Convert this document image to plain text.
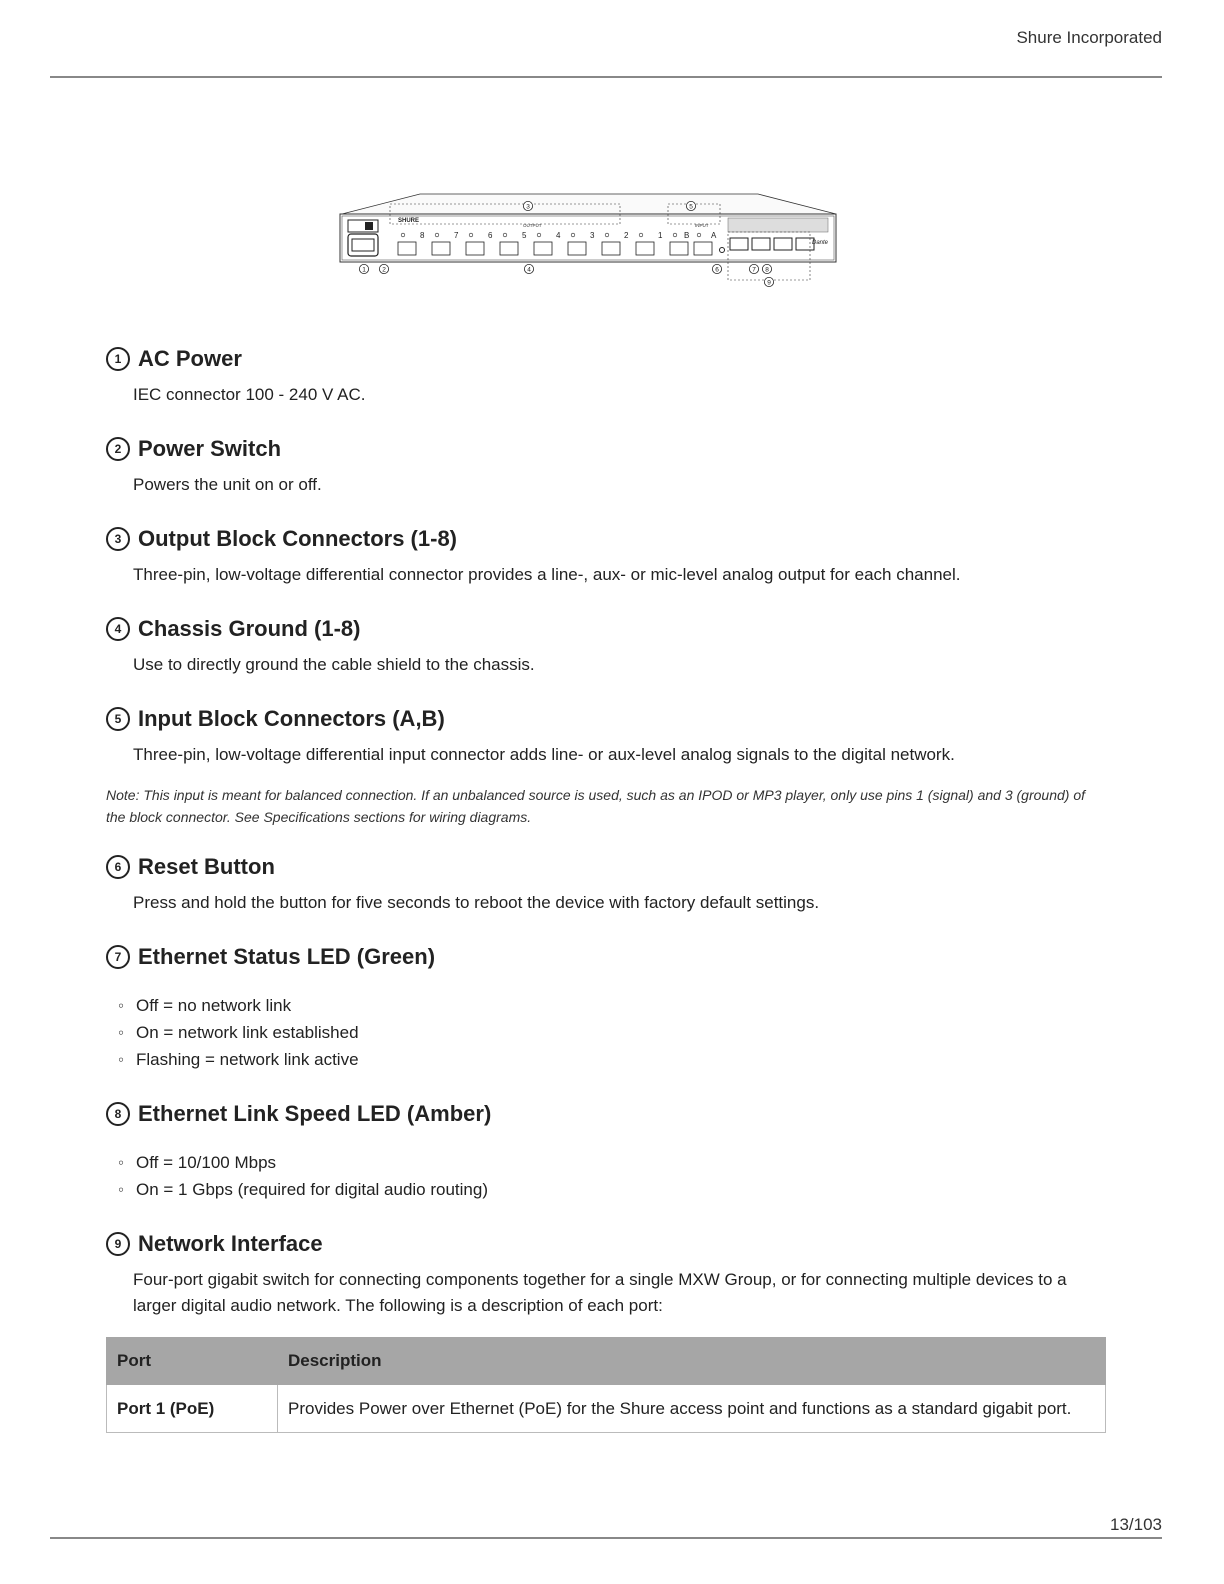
Shure Incorporated
SHURE
OUTPUT	INPUT
8	7	6	5	4	3	2	1	B	A
Dante
1	2
3
4
5
6	7 8
9
1 AC Power

IEC connector 100 - 240 V AC.

2 Power Switch

Powers the unit on or off.

3 Output Block Connectors (1-8)

Three-pin, low-voltage differential connector provides a line-, aux- or mic-level analog output for each channel.

4 Chassis Ground (1-8)

Use to directly ground the cable shield to the chassis.

5 Input Block Connectors (A,B)

Three-pin, low-voltage differential input connector adds line- or aux-level analog signals to the digital network.

Note: This input is meant for balanced connection. If an unbalanced source is used, such as an IPOD or MP3 player, only use pins 1 (signal) and 3 (ground) of the block connector. See Specifications sections for wiring diagrams.

6 Reset Button

Press and hold the button for five seconds to reboot the device with factory default settings.

7 Ethernet Status LED (Green)
◦ Off = no network link
◦ On = network link established
◦ Flashing = network link active
8 Ethernet Link Speed LED (Amber)
◦ Off = 10/100 Mbps
◦ On = 1 Gbps (required for digital audio routing)
9 Network Interface

Four-port gigabit switch for connecting components together for a single MXW Group, or for connecting multiple devices to a larger digital audio network. The following is a description of each port:

Port	Description
Port 1 (PoE)	Provides Power over Ethernet (PoE) for the Shure access point and functions as a standard gigabit port.
13/103
